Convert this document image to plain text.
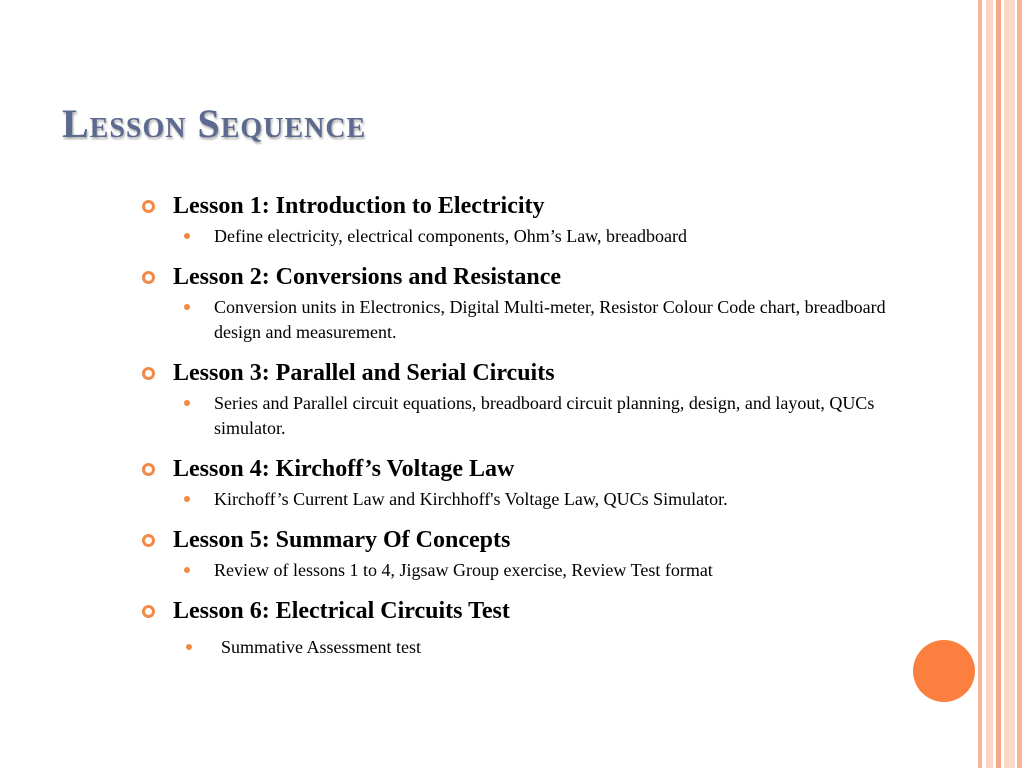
Lesson Sequence
Lesson 1: Introduction to Electricity
Define electricity, electrical components, Ohm’s Law, breadboard
Lesson 2: Conversions and Resistance
Conversion units in Electronics, Digital Multi-meter, Resistor Colour Code chart, breadboard design and measurement.
Lesson 3: Parallel and Serial Circuits
Series and Parallel circuit equations, breadboard circuit planning, design, and layout, QUCs simulator.
Lesson 4: Kirchoff’s Voltage Law
Kirchoff’s Current Law and Kirchhoff's Voltage Law, QUCs Simulator.
Lesson 5: Summary Of Concepts
Review of lessons 1 to 4, Jigsaw Group exercise, Review Test format
Lesson 6: Electrical Circuits Test
Summative Assessment test
